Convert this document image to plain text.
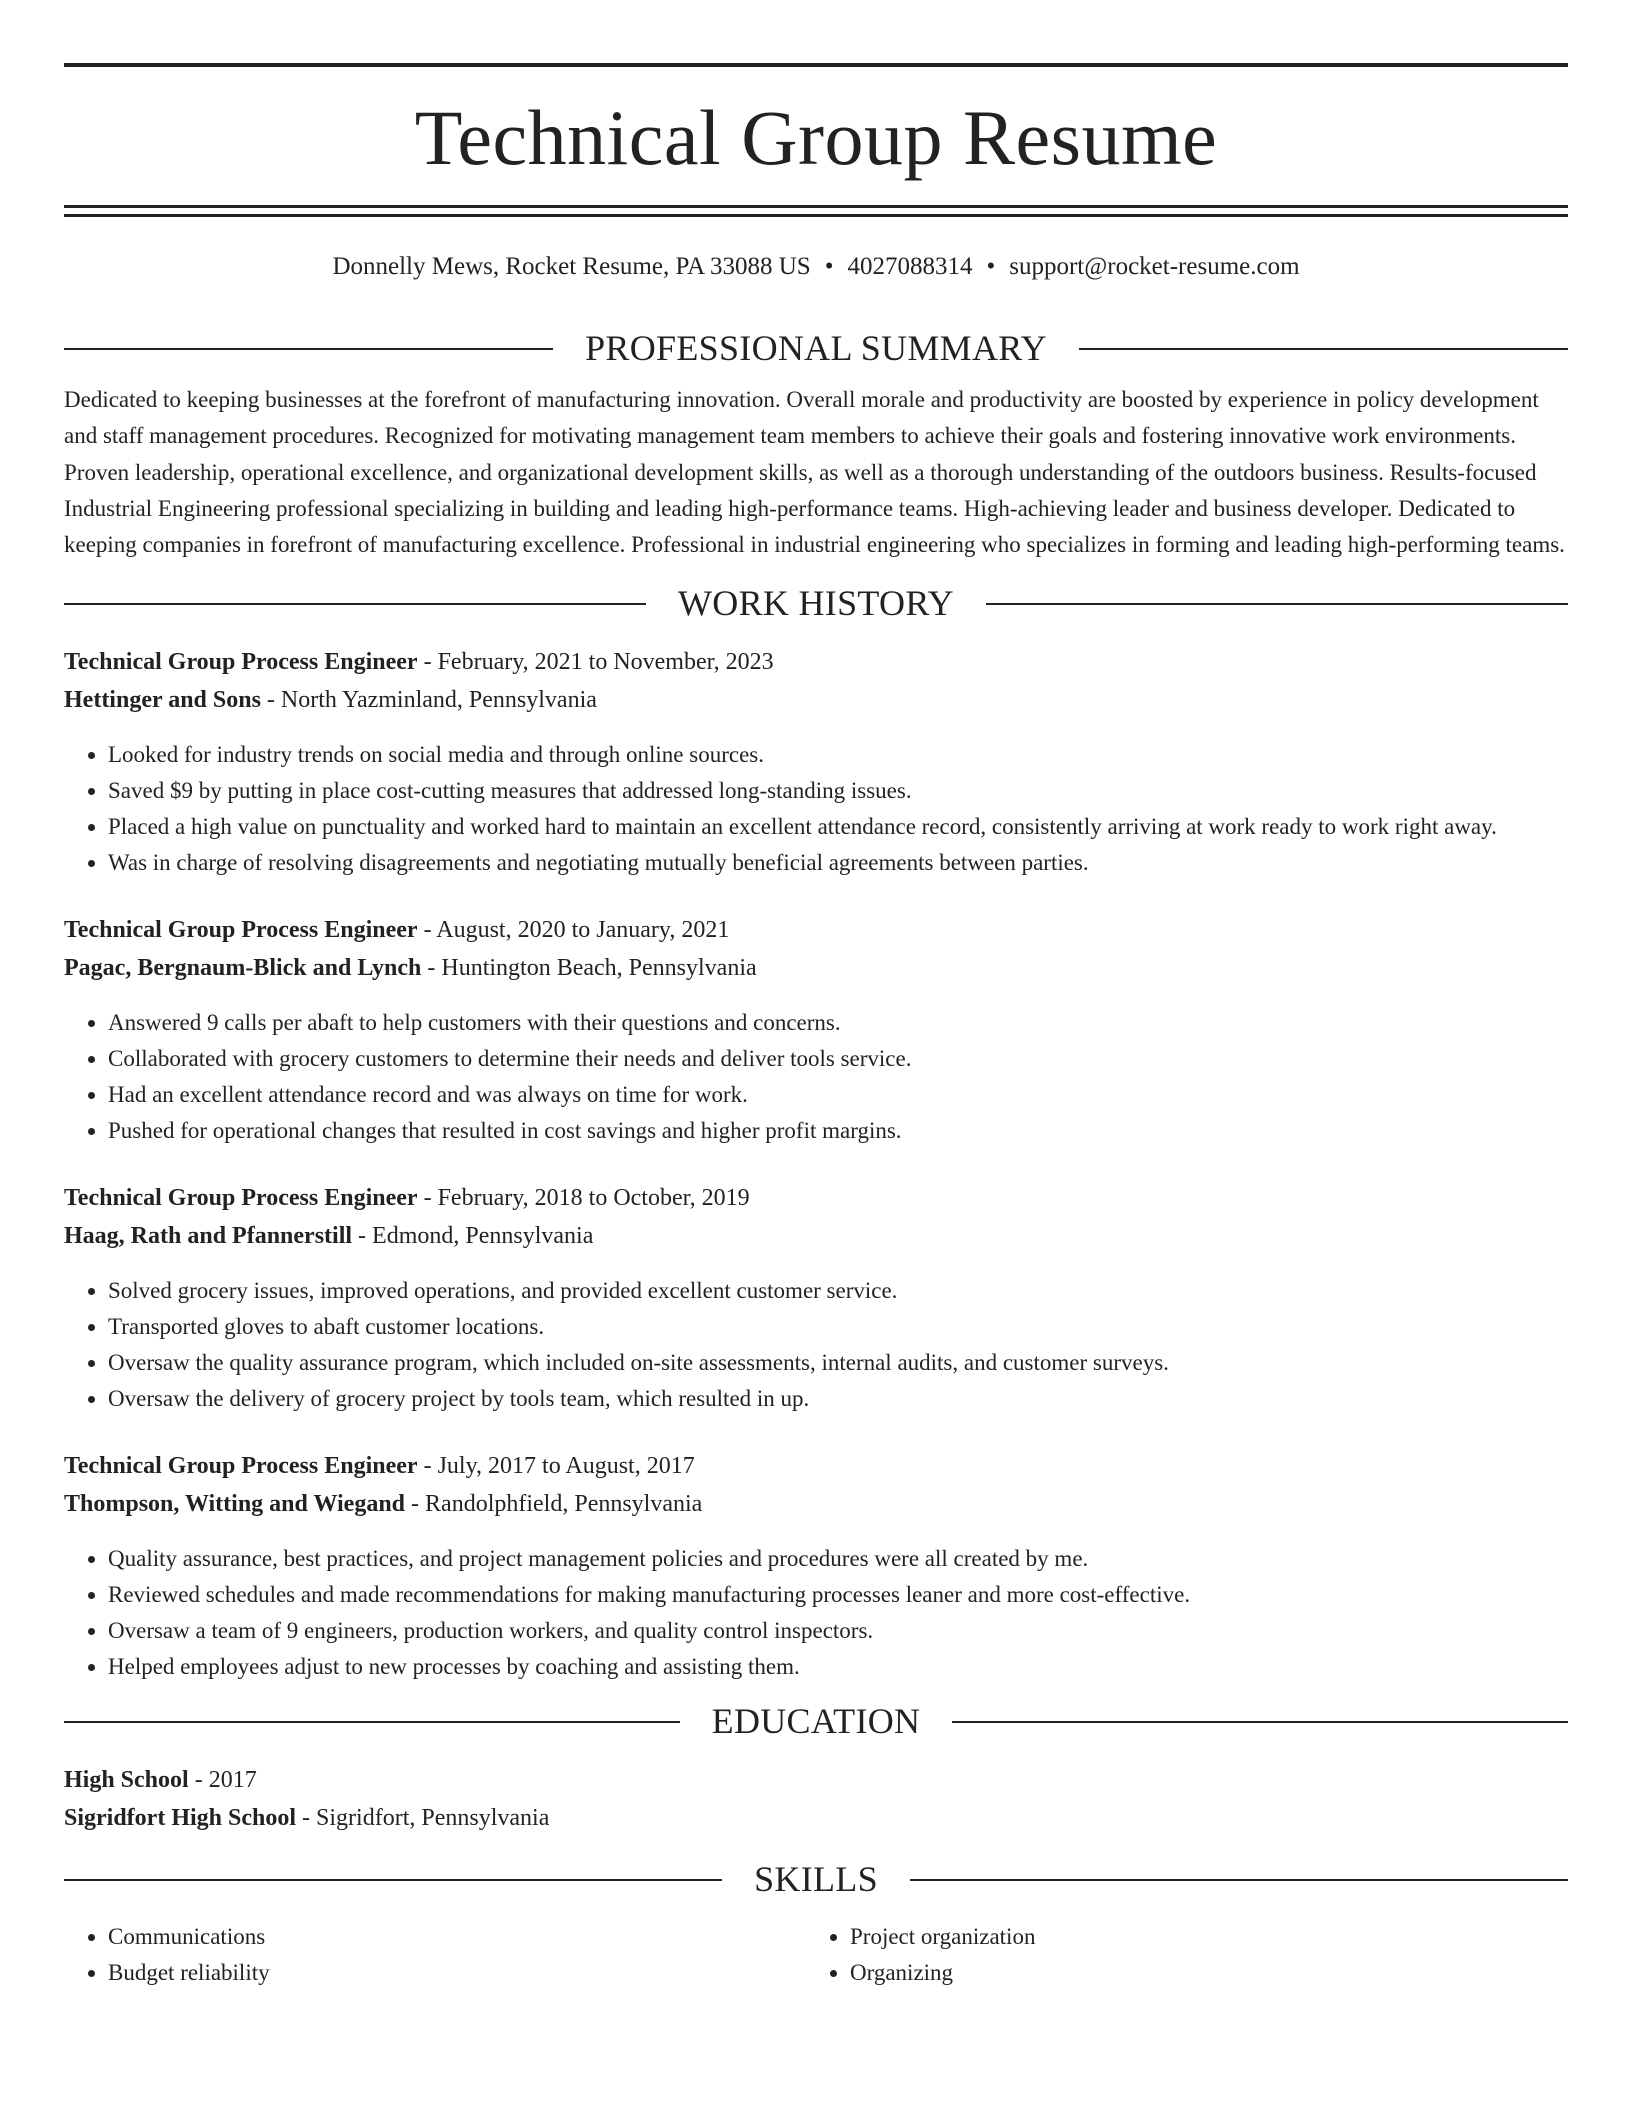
Technical Group Resume
Donnelly Mews, Rocket Resume, PA 33088 US • 4027088314 • support@rocket-resume.com
PROFESSIONAL SUMMARY

Dedicated to keeping businesses at the forefront of manufacturing innovation. Overall morale and productivity are boosted by experience in policy development and staff management procedures. Recognized for motivating management team members to achieve their goals and fostering innovative work environments. Proven leadership, operational excellence, and organizational development skills, as well as a thorough understanding of the outdoors business. Results-focused Industrial Engineering professional specializing in building and leading high-performance teams. High-achieving leader and business developer. Dedicated to keeping companies in forefront of manufacturing excellence. Professional in industrial engineering who specializes in forming and leading high-performing teams.

WORK HISTORY
Technical Group Process Engineer - February, 2021 to November, 2023
Hettinger and Sons - North Yazminland, Pennsylvania
• Looked for industry trends on social media and through online sources.
• Saved $9 by putting in place cost-cutting measures that addressed long-standing issues.
• Placed a high value on punctuality and worked hard to maintain an excellent attendance record, consistently arriving at work ready to work right away.
• Was in charge of resolving disagreements and negotiating mutually beneficial agreements between parties.
Technical Group Process Engineer - August, 2020 to January, 2021
Pagac, Bergnaum-Blick and Lynch - Huntington Beach, Pennsylvania
• Answered 9 calls per abaft to help customers with their questions and concerns.
• Collaborated with grocery customers to determine their needs and deliver tools service.
• Had an excellent attendance record and was always on time for work.
• Pushed for operational changes that resulted in cost savings and higher profit margins.
Technical Group Process Engineer - February, 2018 to October, 2019
Haag, Rath and Pfannerstill - Edmond, Pennsylvania
• Solved grocery issues, improved operations, and provided excellent customer service.
• Transported gloves to abaft customer locations.
• Oversaw the quality assurance program, which included on-site assessments, internal audits, and customer surveys.
• Oversaw the delivery of grocery project by tools team, which resulted in up.
Technical Group Process Engineer - July, 2017 to August, 2017
Thompson, Witting and Wiegand - Randolphfield, Pennsylvania
• Quality assurance, best practices, and project management policies and procedures were all created by me.
• Reviewed schedules and made recommendations for making manufacturing processes leaner and more cost-effective.
• Oversaw a team of 9 engineers, production workers, and quality control inspectors.
• Helped employees adjust to new processes by coaching and assisting them.
EDUCATION
High School - 2017
Sigridfort High School - Sigridfort, Pennsylvania
SKILLS
• Communications
• Budget reliability
• Project organization
• Organizing
